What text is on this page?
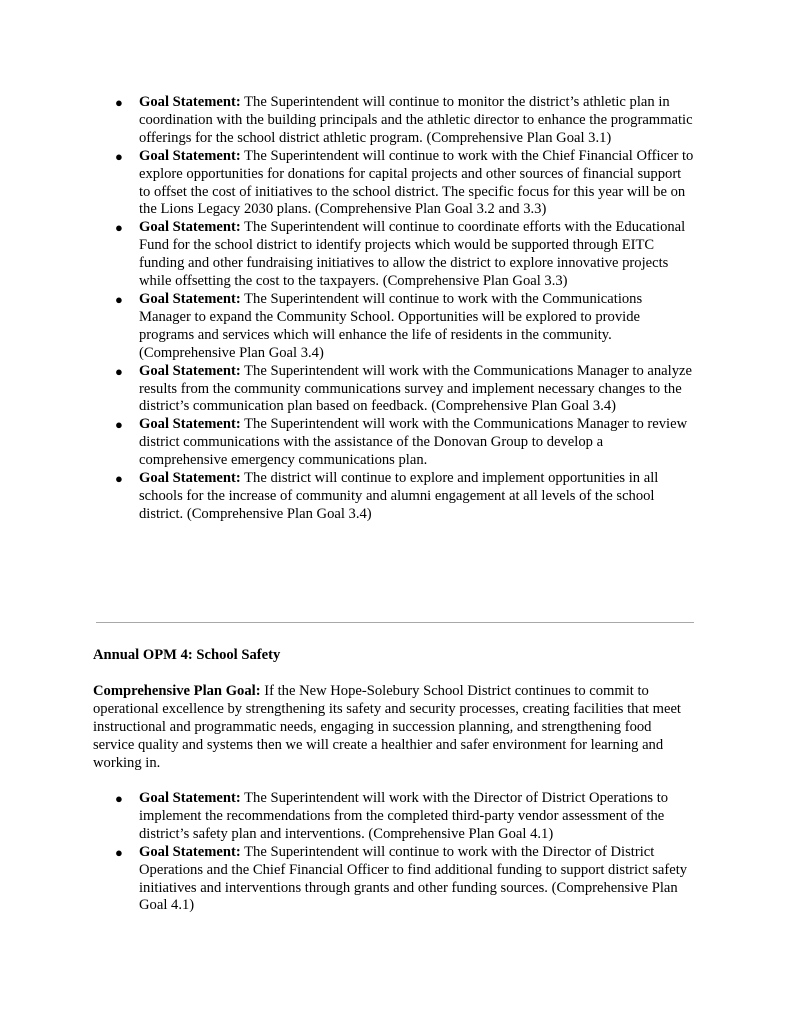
● Goal Statement: The Superintendent will continue to monitor the district’s athletic plan in coordination with the building principals and the athletic director to enhance the programmatic offerings for the school district athletic program. (Comprehensive Plan Goal 3.1)
● Goal Statement: The Superintendent will continue to work with the Chief Financial Officer to explore opportunities for donations for capital projects and other sources of financial support to offset the cost of initiatives to the school district. The specific focus for this year will be on the Lions Legacy 2030 plans. (Comprehensive Plan Goal 3.2 and 3.3)
● Goal Statement: The Superintendent will continue to coordinate efforts with the Educational Fund for the school district to identify projects which would be supported through EITC funding and other fundraising initiatives to allow the district to explore innovative projects while offsetting the cost to the taxpayers. (Comprehensive Plan Goal 3.3)
● Goal Statement: The Superintendent will continue to work with the Communications Manager to expand the Community School. Opportunities will be explored to provide programs and services which will enhance the life of residents in the community. (Comprehensive Plan Goal 3.4)
● Goal Statement: The Superintendent will work with the Communications Manager to analyze results from the community communications survey and implement necessary changes to the district’s communication plan based on feedback. (Comprehensive Plan Goal 3.4)
● Goal Statement: The Superintendent will work with the Communications Manager to review district communications with the assistance of the Donovan Group to develop a comprehensive emergency communications plan.
● Goal Statement: The district will continue to explore and implement opportunities in all schools for the increase of community and alumni engagement at all levels of the school district. (Comprehensive Plan Goal 3.4)

Annual OPM 4: School Safety

Comprehensive Plan Goal: If the New Hope-Solebury School District continues to commit to operational excellence by strengthening its safety and security processes, creating facilities that meet instructional and programmatic needs, engaging in succession planning, and strengthening food service quality and systems then we will create a healthier and safer environment for learning and working in.

● Goal Statement: The Superintendent will work with the Director of District Operations to implement the recommendations from the completed third-party vendor assessment of the district’s safety plan and interventions. (Comprehensive Plan Goal 4.1)
● Goal Statement: The Superintendent will continue to work with the Director of District Operations and the Chief Financial Officer to find additional funding to support district safety initiatives and interventions through grants and other funding sources. (Comprehensive Plan Goal 4.1)
